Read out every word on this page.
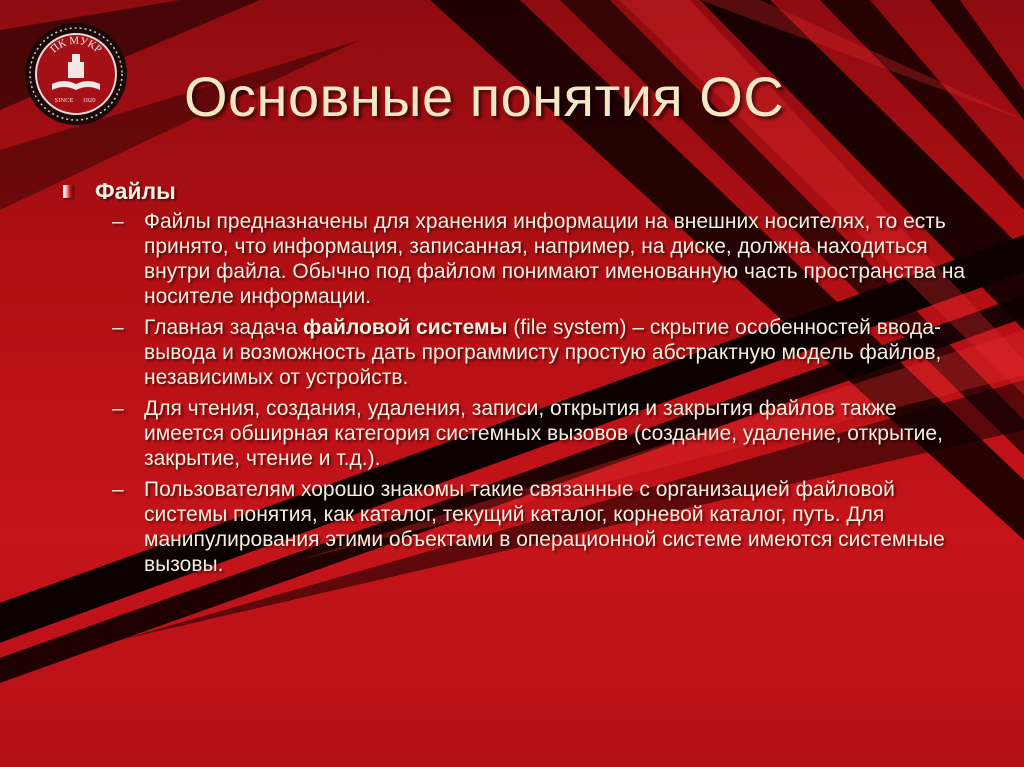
ПК МУКР
SINCE 1920 Основные понятия ОС
Файлы
– Файлы предназначены для хранения информации на внешних носителях, то есть принято, что информация, записанная, например, на диске, должна находиться внутри файла. Обычно под файлом понимают именованную часть пространства на носителе информации.
– Главная задача файловой системы (file system) – скрытие особенностей ввода-вывода и возможность дать программисту простую абстрактную модель файлов, независимых от устройств.
– Для чтения, создания, удаления, записи, открытия и закрытия файлов также имеется обширная категория системных вызовов (создание, удаление, открытие, закрытие, чтение и т.д.).
– Пользователям хорошо знакомы такие связанные с организацией файловой системы понятия, как каталог, текущий каталог, корневой каталог, путь. Для манипулирования этими объектами в операционной системе имеются системные вызовы.
